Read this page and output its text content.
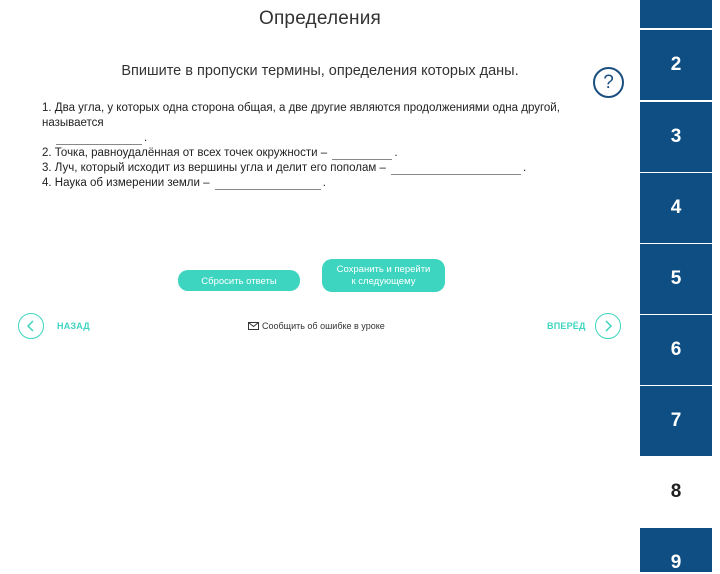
Определения
Впишите в пропуски термины, определения которых даны.
?
1. Два угла, у которых одна сторона общая, а две другие являются продолжениями одна другой, называется
.
2. Точка, равноудалённая от всех точек окружности –	.
3. Луч, который исходит из вершины угла и делит его пополам –	.
4. Наука об измерении земли –	.
Сбросить ответы
Сохранить и перейти
к следующему
НАЗАД	Сообщить об ошибке в уроке	ВПЕРЁД
2
3
4
5
6
7
8
9
